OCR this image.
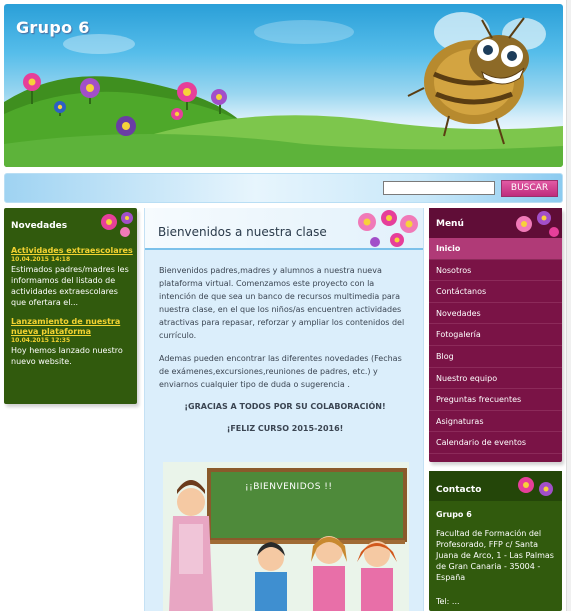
Grupo 6
BUSCAR
Novedades
Actividades extraescolares
10.04.2015 14:18
Estimados padres/madres les informamos del listado de actividades extraescolares que ofertara el...
Lanzamiento de nuestra nueva plataforma
10.04.2015 12:35
Hoy hemos lanzado nuestro nuevo website.
Bienvenidos a nuestra clase

Bienvenidos padres,madres y alumnos a nuestra nueva plataforma virtual. Comenzamos este proyecto con la intención de que sea un banco de recursos multimedia para nuestra clase, en el que los niños/as encuentren actividades atractivas para repasar, reforzar y ampliar los contenidos del currículo.

Ademas pueden encontrar las diferentes novedades (Fechas de exámenes,excursiones,reuniones de padres, etc.) y enviarnos cualquier tipo de duda o sugerencia .

¡GRACIAS A TODOS POR SU COLABORACIÓN!

¡FELIZ CURSO 2015-2016!

¡¡BIENVENIDOS !!
Menú
Inicio
Nosotros
Contáctanos
Novedades
Fotogalería
Blog
Nuestro equipo
Preguntas frecuentes
Asignaturas
Calendario de eventos
Contacto
Grupo 6
Facultad de Formación del Profesorado, FFP c/ Santa Juana de Arco, 1 - Las Palmas de Gran Canaria - 35004 - España
Tel: ...
